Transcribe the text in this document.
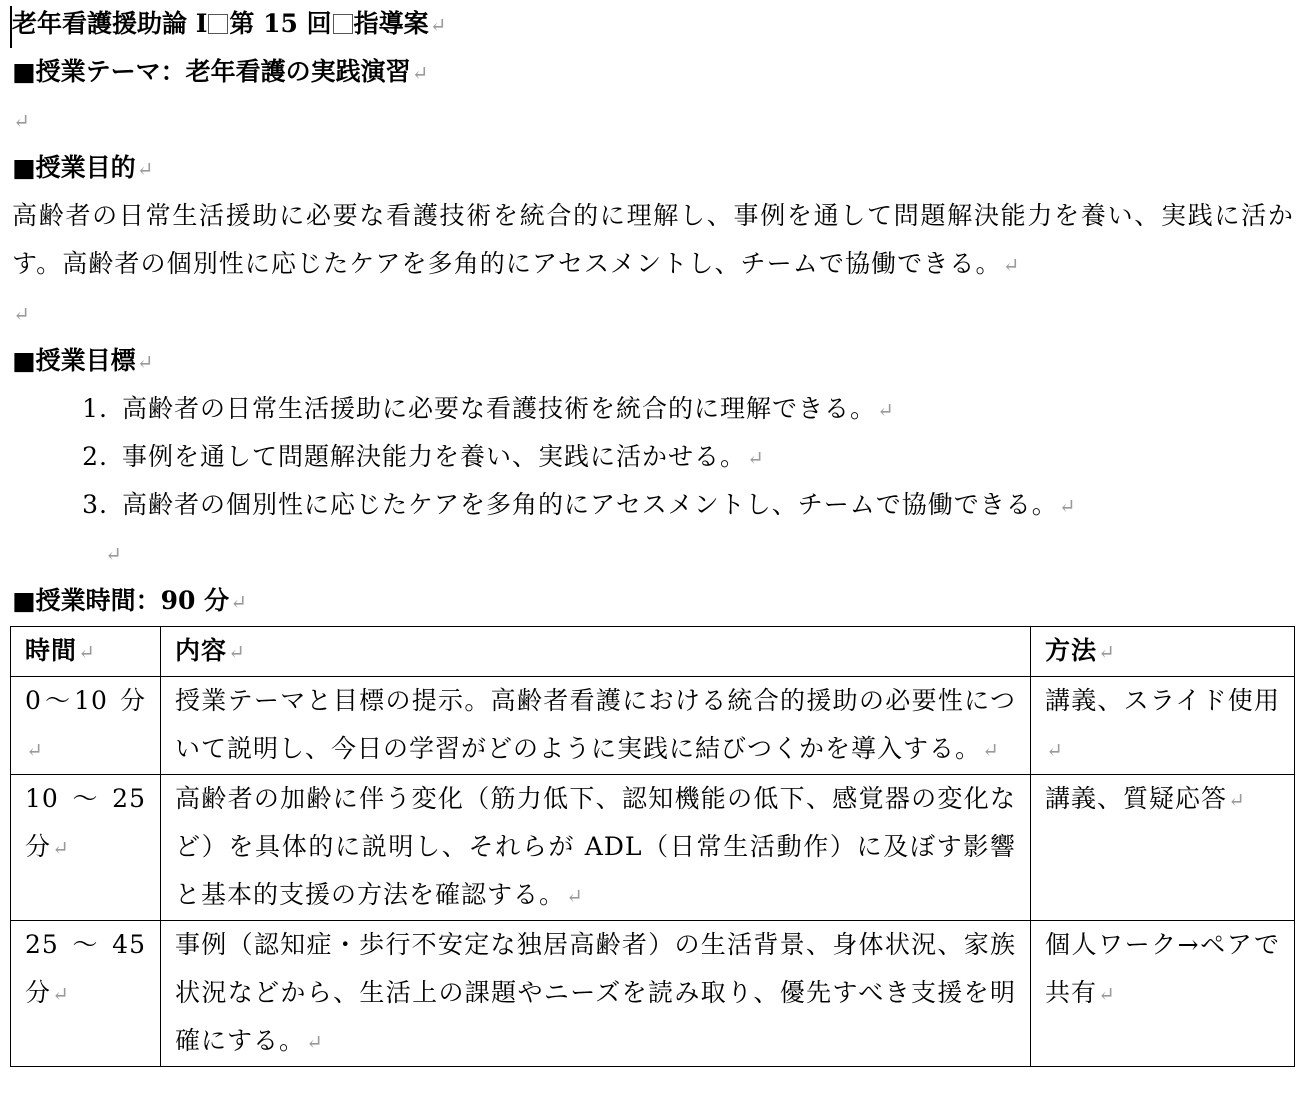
老年看護援助論 I 第 15 回 指導案↵
■授業テーマ：老年看護の実践演習↵
↵
■授業目的↵
高齢者の日常生活援助に必要な看護技術を統合的に理解し、事例を通して問題解決能力を養い、実践に活かす。高齢者の個別性に応じたケアを多角的にアセスメントし、チームで協働できる。↵
↵
■授業目標↵
1. 高齢者の日常生活援助に必要な看護技術を統合的に理解できる。↵
2. 事例を通して問題解決能力を養い、実践に活かせる。↵
3. 高齢者の個別性に応じたケアを多角的にアセスメントし、チームで協働できる。↵
↵
■授業時間：90 分↵
時間↵	内容↵	方法↵
0～10 分↵	授業テーマと目標の提示。高齢者看護における統合的援助の必要性について説明し、今日の学習がどのように実践に結びつくかを導入する。↵	講義、スライド使用↵
10～25 分↵	高齢者の加齢に伴う変化（筋力低下、認知機能の低下、感覚器の変化など）を具体的に説明し、それらが ADL（日常生活動作）に及ぼす影響と基本的支援の方法を確認する。↵	講義、質疑応答↵
25～45 分↵	事例（認知症・歩行不安定な独居高齢者）の生活背景、身体状況、家族状況などから、生活上の課題やニーズを読み取り、優先すべき支援を明確にする。↵	個人ワーク→ペアで共有↵
